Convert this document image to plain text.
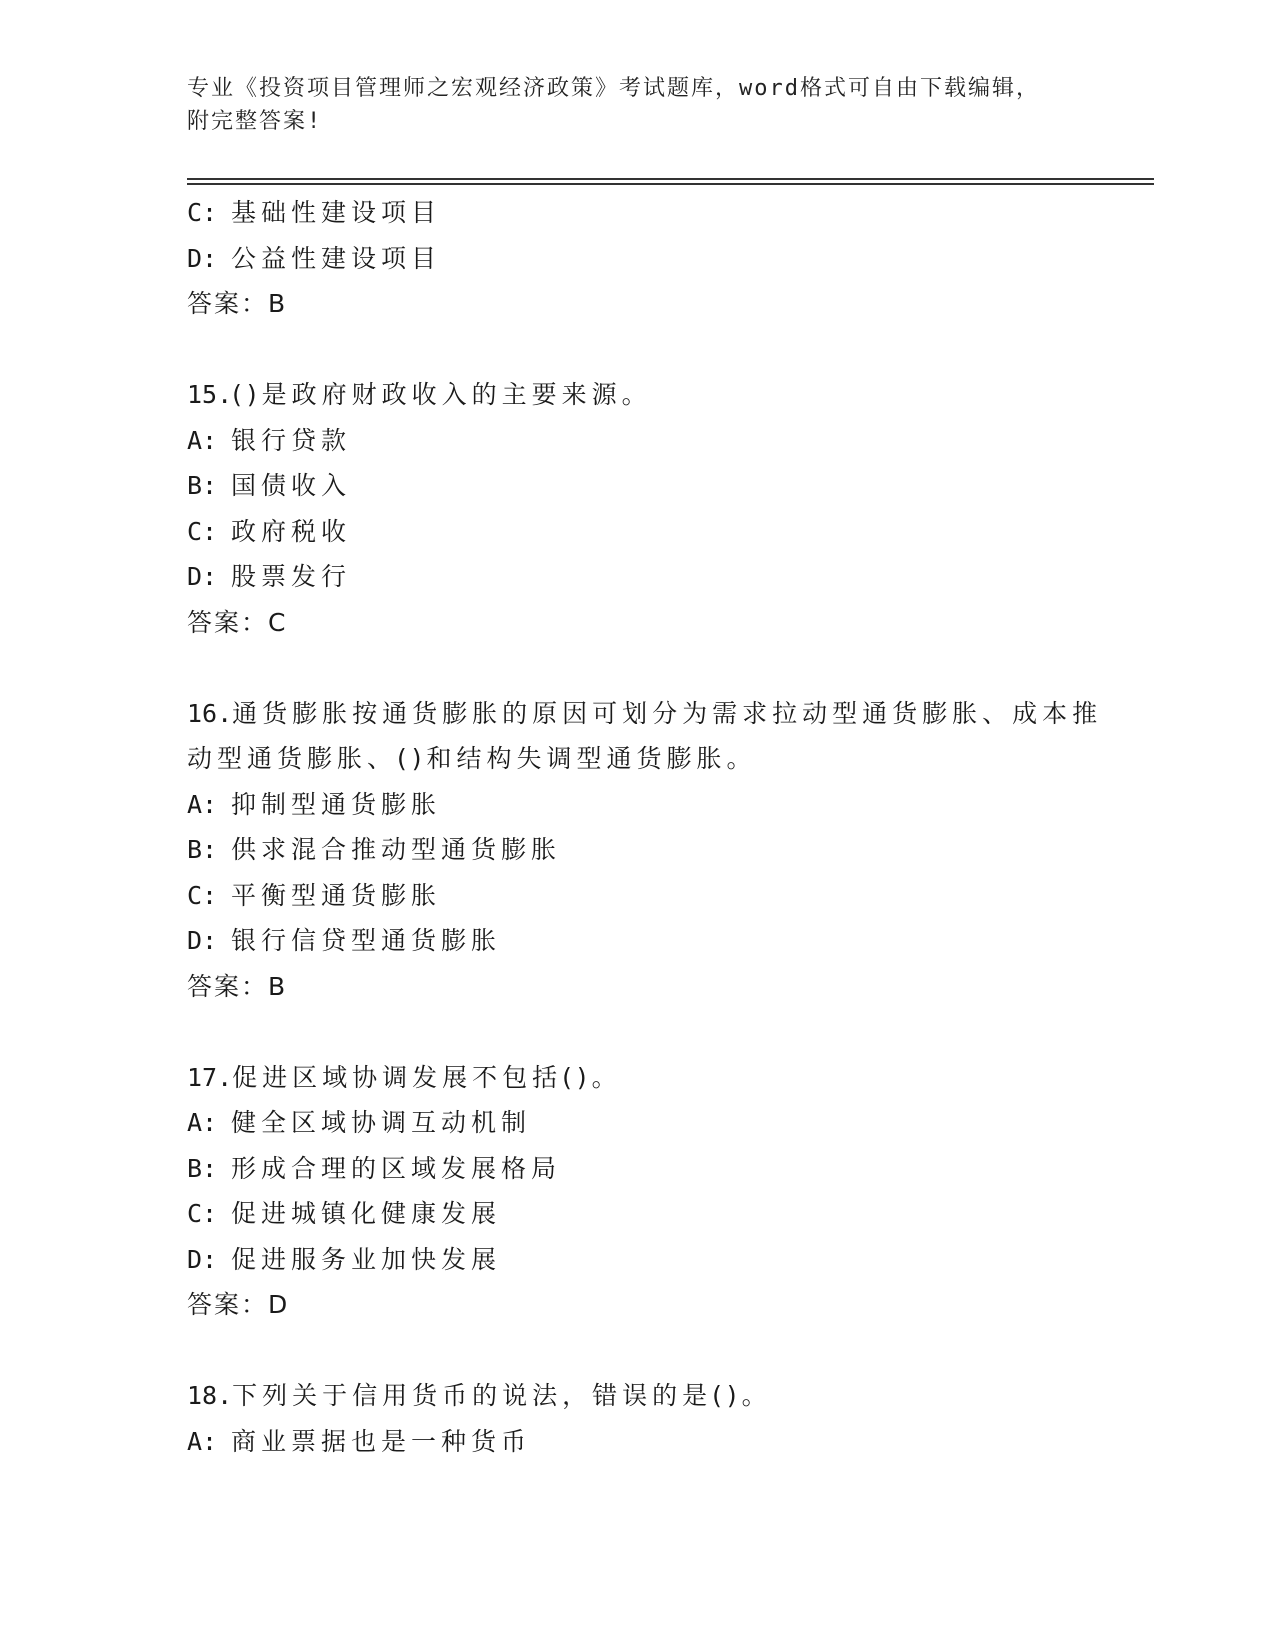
专业《投资项目管理师之宏观经济政策》考试题库，word格式可自由下载编辑，
附完整答案!
C: 基础性建设项目
D: 公益性建设项目
答案：B
15.()是政府财政收入的主要来源。
A: 银行贷款
B: 国债收入
C: 政府税收
D: 股票发行
答案：C
16.通货膨胀按通货膨胀的原因可划分为需求拉动型通货膨胀、成本推
动型通货膨胀、()和结构失调型通货膨胀。
A: 抑制型通货膨胀
B: 供求混合推动型通货膨胀
C: 平衡型通货膨胀
D: 银行信贷型通货膨胀
答案：B
17.促进区域协调发展不包括()。
A: 健全区域协调互动机制
B: 形成合理的区域发展格局
C: 促进城镇化健康发展
D: 促进服务业加快发展
答案：D
18.下列关于信用货币的说法，错误的是()。
A: 商业票据也是一种货币
